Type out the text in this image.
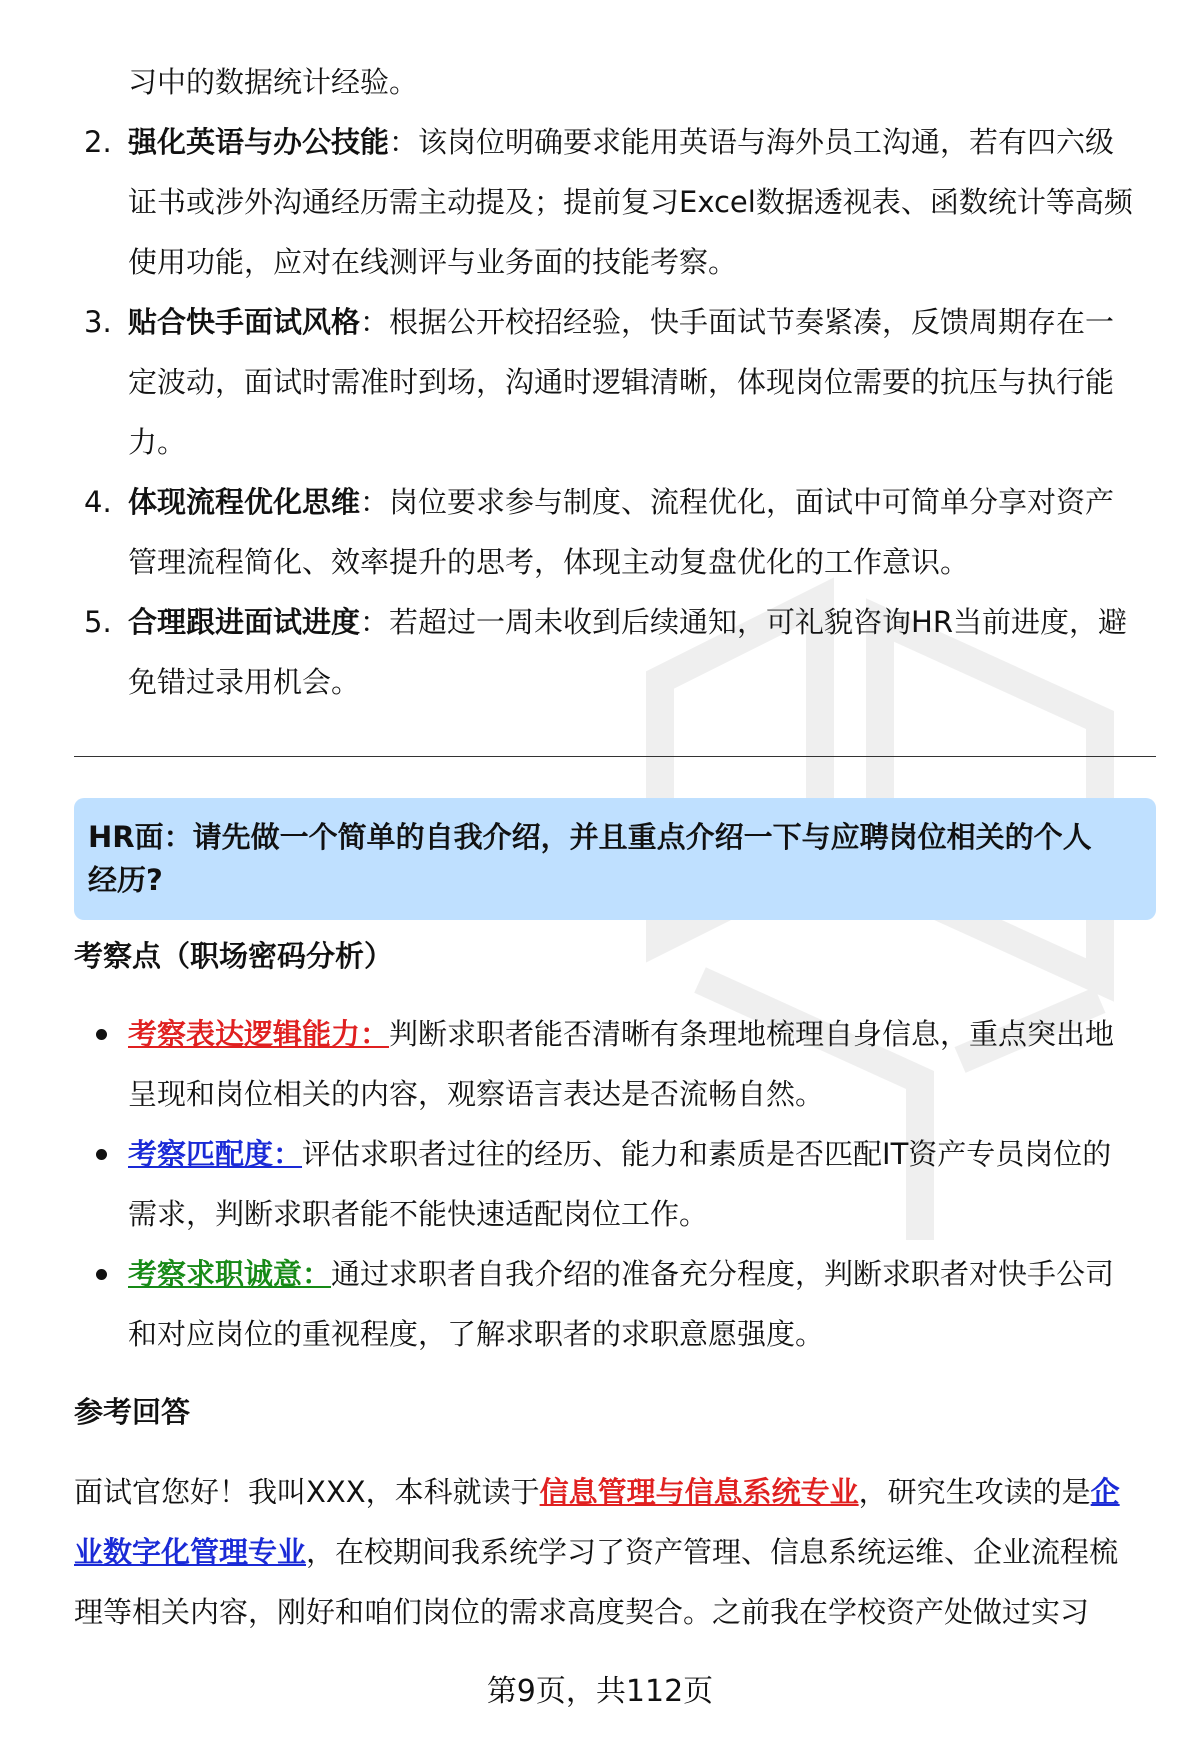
习中的数据统计经验。
2. 强化英语与办公技能：该岗位明确要求能用英语与海外员工沟通，若有四六级
证书或涉外沟通经历需主动提及；提前复习Excel数据透视表、函数统计等高频
使用功能，应对在线测评与业务面的技能考察。
3. 贴合快手面试风格：根据公开校招经验，快手面试节奏紧凑，反馈周期存在一
定波动，面试时需准时到场，沟通时逻辑清晰，体现岗位需要的抗压与执行能
力。
4. 体现流程优化思维：岗位要求参与制度、流程优化，面试中可简单分享对资产
管理流程简化、效率提升的思考，体现主动复盘优化的工作意识。
5. 合理跟进面试进度：若超过一周未收到后续通知，可礼貌咨询HR当前进度，避
免错过录用机会。
HR面：请先做一个简单的自我介绍，并且重点介绍一下与应聘岗位相关的个人
经历?
考察点（职场密码分析）
考察表达逻辑能力：判断求职者能否清晰有条理地梳理自身信息，重点突出地
呈现和岗位相关的内容，观察语言表达是否流畅自然。
考察匹配度：评估求职者过往的经历、能力和素质是否匹配IT资产专员岗位的
需求，判断求职者能不能快速适配岗位工作。
考察求职诚意：通过求职者自我介绍的准备充分程度，判断求职者对快手公司
和对应岗位的重视程度，了解求职者的求职意愿强度。
参考回答
面试官您好！我叫XXX，本科就读于信息管理与信息系统专业，研究生攻读的是企
业数字化管理专业，在校期间我系统学习了资产管理、信息系统运维、企业流程梳
理等相关内容，刚好和咱们岗位的需求高度契合。之前我在学校资产处做过实习
第9页，共112页
